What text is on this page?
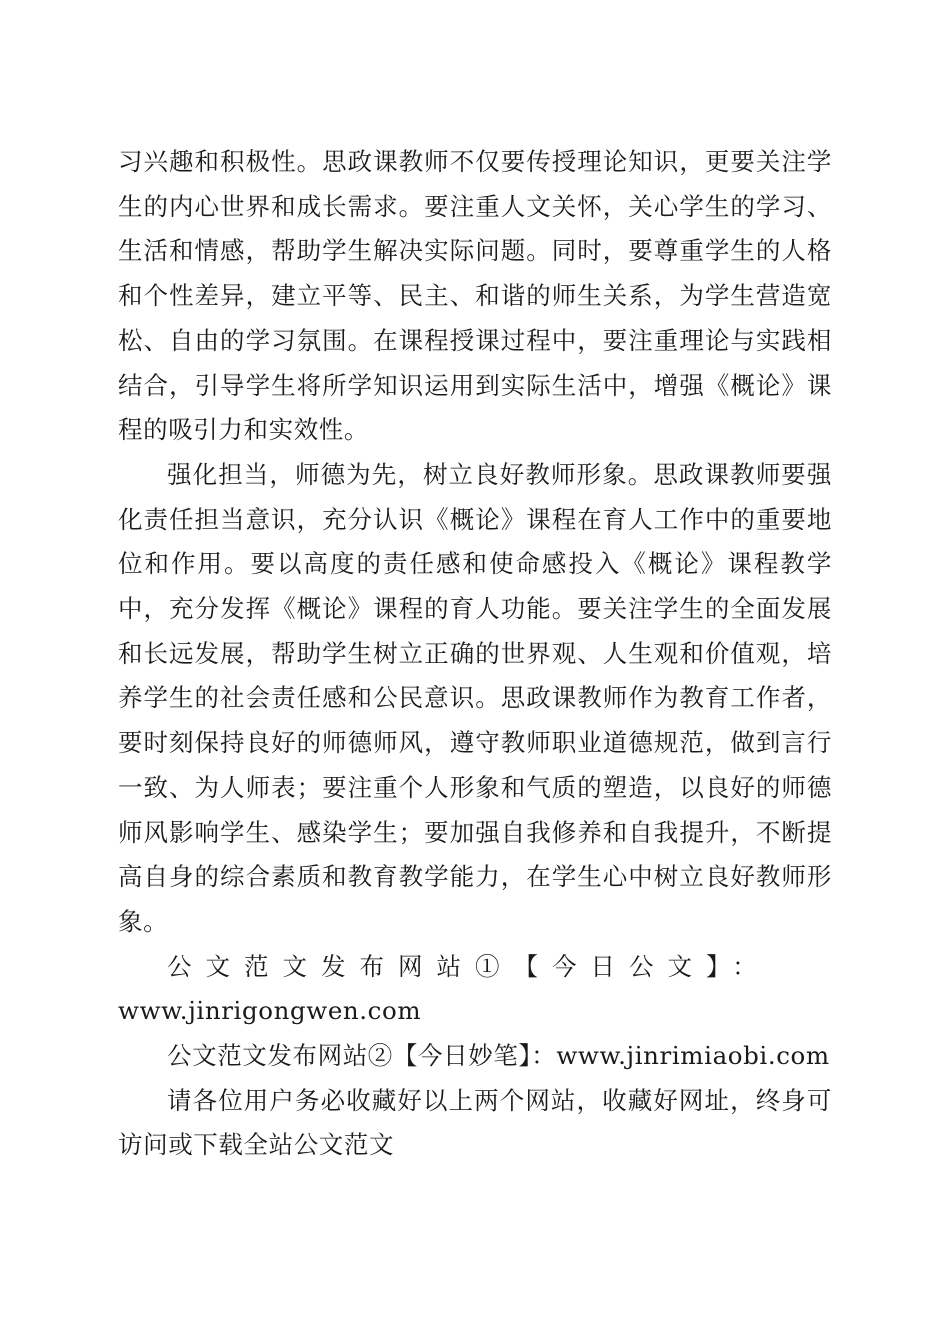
习兴趣和积极性。思政课教师不仅要传授理论知识，更要关注学生的内心世界和成长需求。要注重人文关怀，关心学生的学习、生活和情感，帮助学生解决实际问题。同时，要尊重学生的人格和个性差异，建立平等、民主、和谐的师生关系，为学生营造宽松、自由的学习氛围。在课程授课过程中，要注重理论与实践相结合，引导学生将所学知识运用到实际生活中，增强《概论》课程的吸引力和实效性。

强化担当，师德为先，树立良好教师形象。思政课教师要强化责任担当意识，充分认识《概论》课程在育人工作中的重要地位和作用。要以高度的责任感和使命感投入《概论》课程教学中，充分发挥《概论》课程的育人功能。要关注学生的全面发展和长远发展，帮助学生树立正确的世界观、人生观和价值观，培养学生的社会责任感和公民意识。思政课教师作为教育工作者，要时刻保持良好的师德师风，遵守教师职业道德规范，做到言行一致、为人师表；要注重个人形象和气质的塑造，以良好的师德师风影响学生、感染学生；要加强自我修养和自我提升，不断提高自身的综合素质和教育教学能力，在学生心中树立良好教师形象。

公文范文发布网站①【今日公文】：
www.jinrigongwen.com

公文范文发布网站②【今日妙笔】：www.jinrimiaobi.com

请各位用户务必收藏好以上两个网站，收藏好网址，终身可访问或下载全站公文范文
